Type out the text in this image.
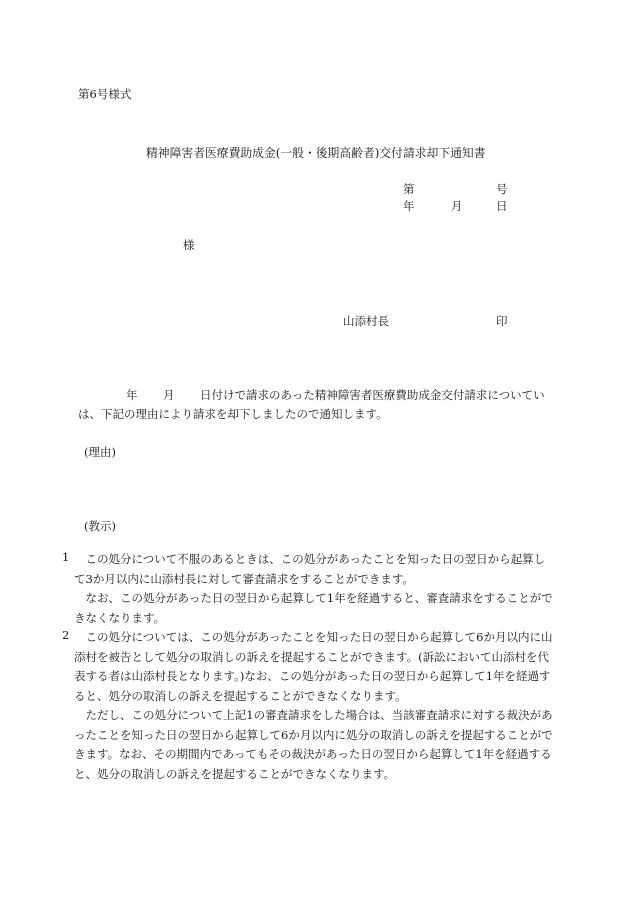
第6号様式
精神障害者医療費助成金(一般・後期高齢者)交付請求却下通知書
第	号
年	月	日
様
山添村長	印
年 月 日付けで請求のあった精神障害者医療費助成金交付請求についてい
は、下記の理由により請求を却下しましたので通知します。
(理由)
(教示)
1	この処分について不服のあるときは、この処分があったことを知った日の翌日から起算して3か月以内に山添村長に対して審査請求をすることができます。

なお、この処分があった日の翌日から起算して1年を経過すると、審査請求をすることができなくなります。

2	この処分については、この処分があったことを知った日の翌日から起算して6か月以内に山添村を被告として処分の取消しの訴えを提起することができます。(訴訟において山添村を代表する者は山添村長となります。)なお、この処分があった日の翌日から起算して1年を経過すると、処分の取消しの訴えを提起することができなくなります。

ただし、この処分について上記1の審査請求をした場合は、当該審査請求に対する裁決があったことを知った日の翌日から起算して6か月以内に処分の取消しの訴えを提起することができます。なお、その期間内であってもその裁決があった日の翌日から起算して1年を経過すると、処分の取消しの訴えを提起することができなくなります。
